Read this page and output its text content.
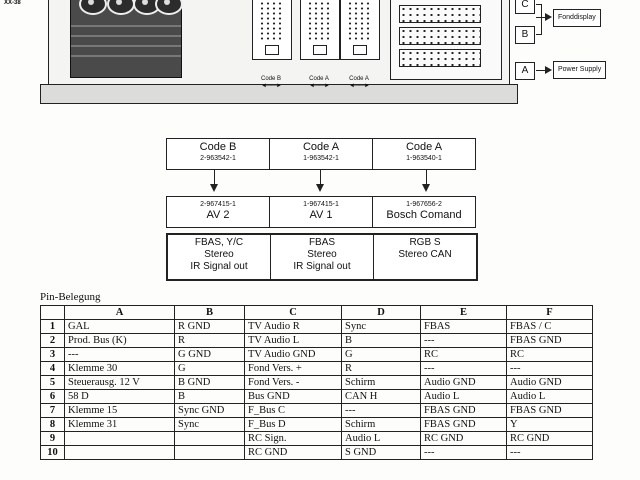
XX-38
Code B	Code A	Code A
◄——►	◄——►	◄——►
C
B
A
Fonddisplay
Power Supply
Code B
2-963542-1
Code A
1-963542-1
Code A
1-963540-1
2-967415-1
AV 2
1-967415-1
AV 1
1-967656-2
Bosch Comand
FBAS, Y/C
Stereo
IR Signal out
FBAS
Stereo
IR Signal out
RGB S
Stereo CAN
Pin-Belegung
	A	B	C	D	E	F
1	GAL	R GND	TV Audio R	Sync	FBAS	FBAS / C
2	Prod. Bus (K)	R	TV Audio L	B	---	FBAS GND
3	---	G GND	TV Audio GND	G	RC	RC
4	Klemme 30	G	Fond Vers. +	R	---	---
5	Steuerausg. 12 V	B GND	Fond Vers. -	Schirm	Audio GND	Audio GND
6	58 D	B	Bus GND	CAN H	Audio L	Audio L
7	Klemme 15	Sync GND	F_Bus C	---	FBAS GND	FBAS GND
8	Klemme 31	Sync	F_Bus D	Schirm	FBAS GND	Y
9			RC Sign.	Audio L	RC GND	RC GND
10			RC GND	S GND	---	---
